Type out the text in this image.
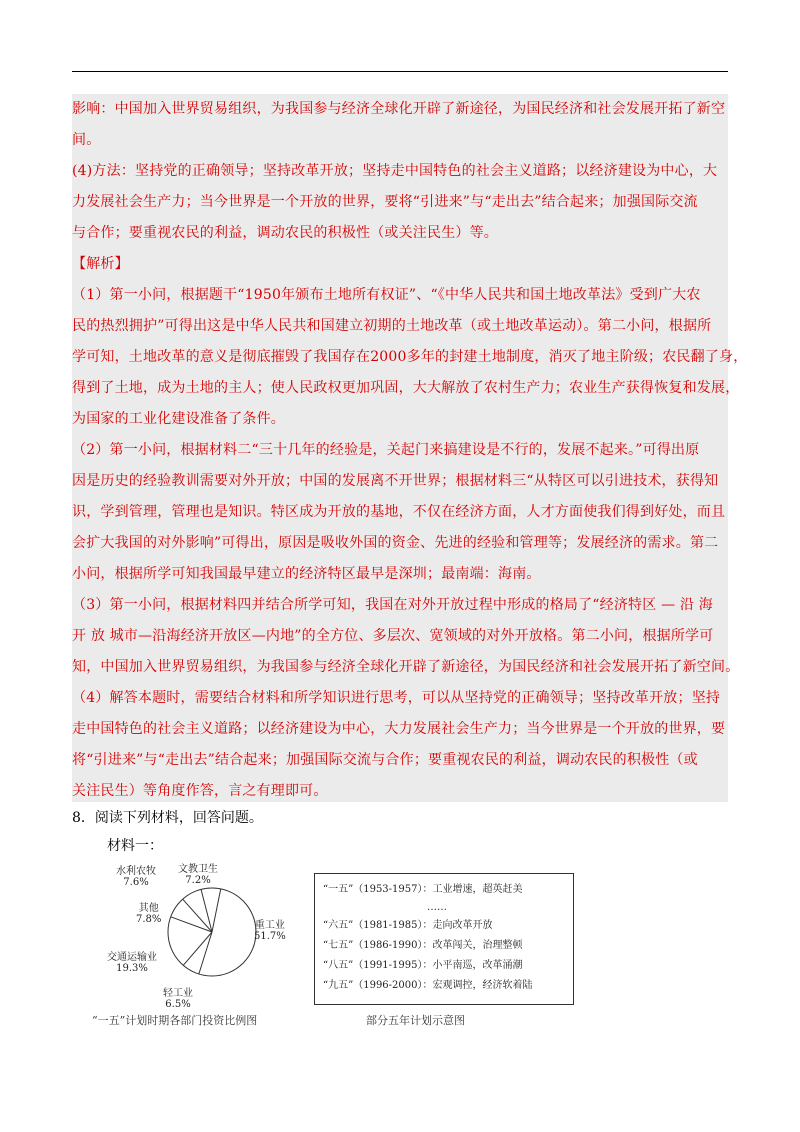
影响：中国加入世界贸易组织，为我国参与经济全球化开辟了新途径，为国民经济和社会发展开拓了新空
间。
(4)方法：坚持党的正确领导；坚持改革开放；坚持走中国特色的社会主义道路；以经济建设为中心，大
力发展社会生产力；当今世界是一个开放的世界，要将“引进来”与“走出去”结合起来；加强国际交流
与合作；要重视农民的利益，调动农民的积极性（或关注民生）等。
【解析】
（1）第一小问，根据题干“1950年颁布土地所有权证”、“《中华人民共和国土地改革法》受到广大农
民的热烈拥护”可得出这是中华人民共和国建立初期的土地改革（或土地改革运动）。第二小问，根据所
学可知，土地改革的意义是彻底摧毁了我国存在2000多年的封建土地制度，消灭了地主阶级；农民翻了身，
得到了土地，成为土地的主人；使人民政权更加巩固，大大解放了农村生产力；农业生产获得恢复和发展，
为国家的工业化建设准备了条件。
（2）第一小问，根据材料二“三十几年的经验是，关起门来搞建设是不行的，发展不起来。”可得出原
因是历史的经验教训需要对外开放；中国的发展离不开世界；根据材料三“从特区可以引进技术，获得知
识，学到管理，管理也是知识。特区成为开放的基地，不仅在经济方面，人才方面使我们得到好处，而且
会扩大我国的对外影响”可得出，原因是吸收外国的资金、先进的经验和管理等；发展经济的需求。第二
小问，根据所学可知我国最早建立的经济特区最早是深圳；最南端：海南。
（3）第一小问，根据材料四并结合所学可知，我国在对外开放过程中形成的格局了“经济特区 — 沿 海
开 放 城市—沿海经济开放区—内地”的全方位、多层次、宽领域的对外开放格。第二小问，根据所学可
知，中国加入世界贸易组织，为我国参与经济全球化开辟了新途径，为国民经济和社会发展开拓了新空间。
（4）解答本题时，需要结合材料和所学知识进行思考，可以从坚持党的正确领导；坚持改革开放；坚持
走中国特色的社会主义道路；以经济建设为中心，大力发展社会生产力；当今世界是一个开放的世界，要
将“引进来”与“走出去”结合起来；加强国际交流与合作；要重视农民的利益，调动农民的积极性（或
关注民生）等角度作答，言之有理即可。
8．阅读下列材料，回答问题。
材料一：
重工业
51.7%
轻工业
6.5%
交通运输业
19.3%
其他
7.8%
水利农牧
7.6%
文教卫生
7.2%
“一五”计划时期各部门投资比例图
“一五”（1953-1957）：工业增速，超英赶美
……
“六五”（1981-1985）：走向改革开放
“七五”（1986-1990）：改革闯关，治理整顿
“八五”（1991-1995）：小平南巡，改革涌潮
“九五”（1996-2000）：宏观调控，经济软着陆
部分五年计划示意图
